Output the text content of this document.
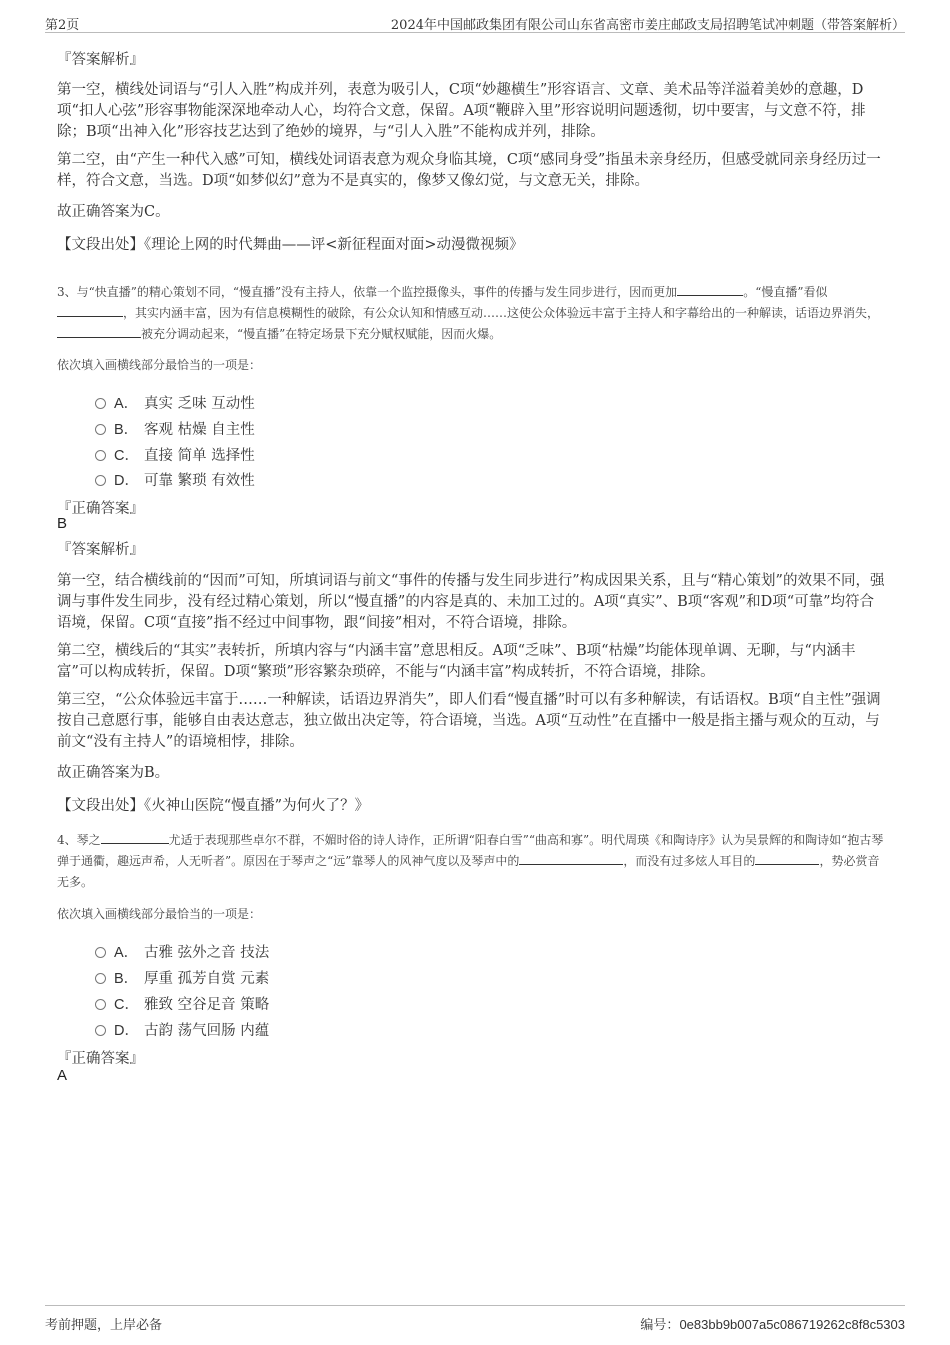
第2页	2024年中国邮政集团有限公司山东省高密市姜庄邮政支局招聘笔试冲刺题（带答案解析）
『答案解析』
第一空，横线处词语与“引人入胜”构成并列，表意为吸引人，C项“妙趣横生”形容语言、文章、美术品等洋溢着美妙的意趣，D项“扣人心弦”形容事物能深深地牵动人心，均符合文意，保留。A项“鞭辟入里”形容说明问题透彻，切中要害，与文意不符，排除；B项“出神入化”形容技艺达到了绝妙的境界，与“引人入胜”不能构成并列，排除。
第二空，由“产生一种代入感”可知，横线处词语表意为观众身临其境，C项“感同身受”指虽未亲身经历，但感受就同亲身经历过一样，符合文意，当选。D项“如梦似幻”意为不是真实的，像梦又像幻觉，与文意无关，排除。
故正确答案为C。
【文段出处】《理论上网的时代舞曲——评<新征程面对面>动漫微视频》
3、与“快直播”的精心策划不同，“慢直播”没有主持人，依靠一个监控摄像头，事件的传播与发生同步进行，因而更加	。“慢直播”看似，其实内涵丰富，因为有信息模糊性的破除，有公众认知和情感互动……这使公众体验远丰富于主持人和字幕给出的一种解读，话语边界消失，被充分调动起来，“慢直播”在特定场景下充分赋权赋能，因而火爆。
依次填入画横线部分最恰当的一项是：
A． 真实 乏味 互动性
B． 客观 枯燥 自主性
C． 直接 简单 选择性
D． 可靠 繁琐 有效性
『正确答案』
B
『答案解析』
第一空，结合横线前的“因而”可知，所填词语与前文“事件的传播与发生同步进行”构成因果关系，且与“精心策划”的效果不同，强调与事件发生同步，没有经过精心策划，所以“慢直播”的内容是真的、未加工过的。A项“真实”、B项“客观”和D项“可靠”均符合语境，保留。C项“直接”指不经过中间事物，跟“间接”相对，不符合语境，排除。
第二空，横线后的“其实”表转折，所填内容与“内涵丰富”意思相反。A项“乏味”、B项“枯燥”均能体现单调、无聊，与“内涵丰富”可以构成转折，保留。D项“繁琐”形容繁杂琐碎，不能与“内涵丰富”构成转折，不符合语境，排除。
第三空，“公众体验远丰富于……一种解读，话语边界消失”，即人们看“慢直播”时可以有多种解读，有话语权。B项“自主性”强调按自己意愿行事，能够自由表达意志，独立做出决定等，符合语境，当选。A项“互动性”在直播中一般是指主播与观众的互动，与前文“没有主持人”的语境相悖，排除。
故正确答案为B。
【文段出处】《火神山医院“慢直播”为何火了？》
4、琴之	尤适于表现那些卓尔不群，不媚时俗的诗人诗作，正所谓“阳春白雪”“曲高和寡”。明代周瑛《和陶诗序》认为吴景辉的和陶诗如“抱古琴弹于通衢，趣远声希，人无听者”。原因在于琴声之“远”靠琴人的风神气度以及琴声中的	，而没有过多炫人耳目的	，势必赏音无多。
依次填入画横线部分最恰当的一项是：
A． 古雅 弦外之音 技法
B． 厚重 孤芳自赏 元素
C． 雅致 空谷足音 策略
D． 古韵 荡气回肠 内蕴
『正确答案』
A
考前押题，上岸必备	编号：0e83bb9b007a5c086719262c8f8c5303
